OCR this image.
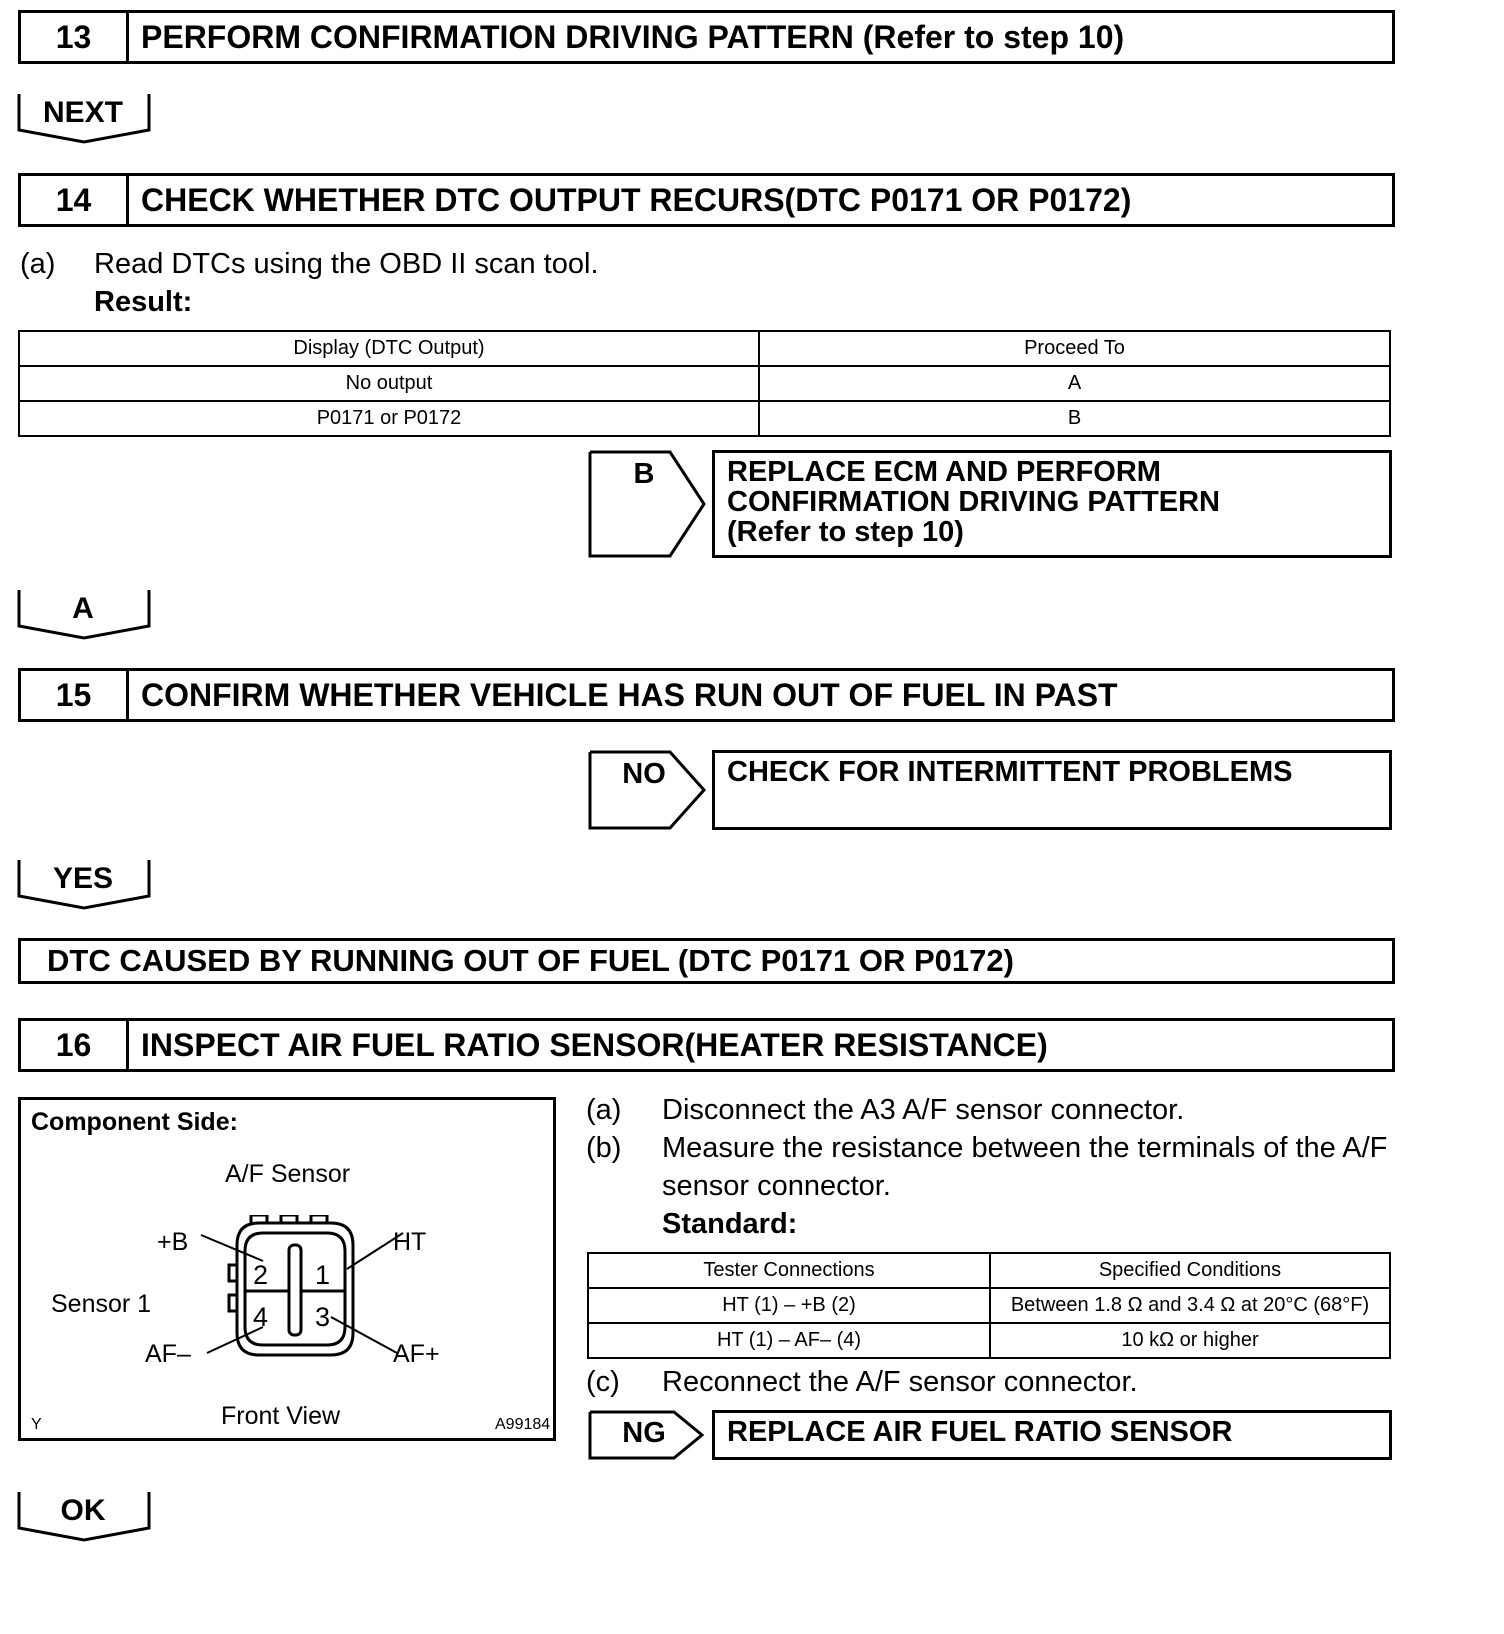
13	PERFORM CONFIRMATION DRIVING PATTERN (Refer to step 10)
NEXT
14	CHECK WHETHER DTC OUTPUT RECURS(DTC P0171 OR P0172)
(a) Read DTCs using the OBD II scan tool.
Result:
Display (DTC Output)	Proceed To
No output	A
P0171 or P0172	B
B	REPLACE ECM AND PERFORM
CONFIRMATION DRIVING PATTERN
(Refer to step 10)
A
15	CONFIRM WHETHER VEHICLE HAS RUN OUT OF FUEL IN PAST
NO	CHECK FOR INTERMITTENT PROBLEMS
YES
DTC CAUSED BY RUNNING OUT OF FUEL (DTC P0171 OR P0172)
16	INSPECT AIR FUEL RATIO SENSOR(HEATER RESISTANCE)
Component Side:
A/F Sensor
Sensor 1
+B	HT
AF–	AF+
Front View
Y	A99184
2 1
4 3
(a) Disconnect the A3 A/F sensor connector.
(b) Measure the resistance between the terminals of the A/F
sensor connector.
Standard:
Tester Connections	Specified Conditions
HT (1) – +B (2)	Between 1.8 Ω and 3.4 Ω at 20°C (68°F)
HT (1) – AF– (4)	10 kΩ or higher
(c) Reconnect the A/F sensor connector.
NG	REPLACE AIR FUEL RATIO SENSOR
OK
